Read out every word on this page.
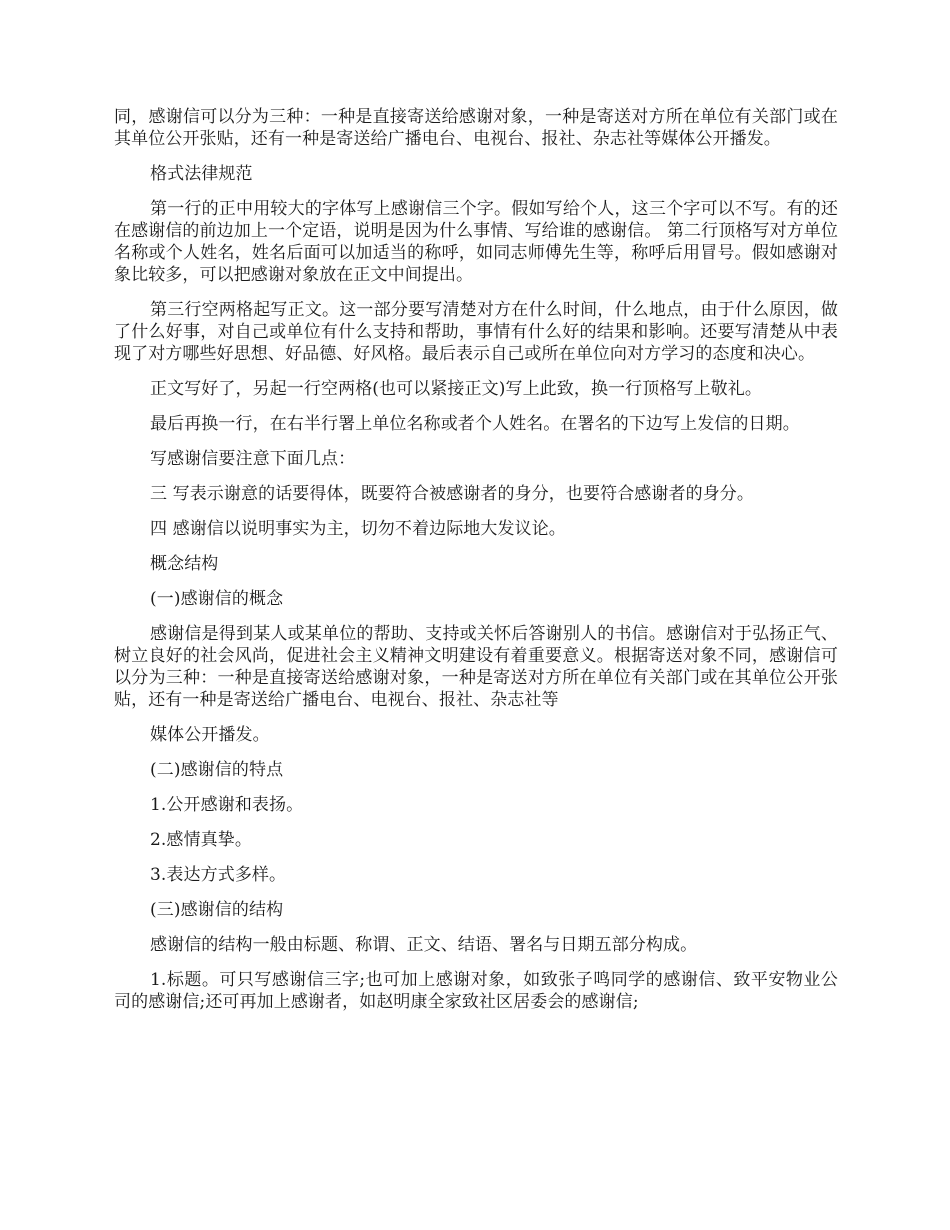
同，感谢信可以分为三种：一种是直接寄送给感谢对象，一种是寄送对方所在单位有关部门或在其单位公开张贴，还有一种是寄送给广播电台、电视台、报社、杂志社等媒体公开播发。

格式法律规范

第一行的正中用较大的字体写上感谢信三个字。假如写给个人，这三个字可以不写。有的还在感谢信的前边加上一个定语，说明是因为什么事情、写给谁的感谢信。 第二行顶格写对方单位名称或个人姓名，姓名后面可以加适当的称呼，如同志师傅先生等，称呼后用冒号。假如感谢对象比较多，可以把感谢对象放在正文中间提出。

第三行空两格起写正文。这一部分要写清楚对方在什么时间，什么地点，由于什么原因，做了什么好事，对自己或单位有什么支持和帮助，事情有什么好的结果和影响。还要写清楚从中表现了对方哪些好思想、好品德、好风格。最后表示自己或所在单位向对方学习的态度和决心。

正文写好了，另起一行空两格(也可以紧接正文)写上此致，换一行顶格写上敬礼。

最后再换一行，在右半行署上单位名称或者个人姓名。在署名的下边写上发信的日期。

写感谢信要注意下面几点：

三 写表示谢意的话要得体，既要符合被感谢者的身分，也要符合感谢者的身分。

四 感谢信以说明事实为主，切勿不着边际地大发议论。

概念结构

(一)感谢信的概念

感谢信是得到某人或某单位的帮助、支持或关怀后答谢别人的书信。感谢信对于弘扬正气、树立良好的社会风尚，促进社会主义精神文明建设有着重要意义。根据寄送对象不同，感谢信可以分为三种：一种是直接寄送给感谢对象，一种是寄送对方所在单位有关部门或在其单位公开张贴，还有一种是寄送给广播电台、电视台、报社、杂志社等

媒体公开播发。

(二)感谢信的特点

1.公开感谢和表扬。

2.感情真挚。

3.表达方式多样。

(三)感谢信的结构

感谢信的结构一般由标题、称谓、正文、结语、署名与日期五部分构成。

1.标题。可只写感谢信三字;也可加上感谢对象，如致张子鸣同学的感谢信、致平安物业公司的感谢信;还可再加上感谢者，如赵明康全家致社区居委会的感谢信;
